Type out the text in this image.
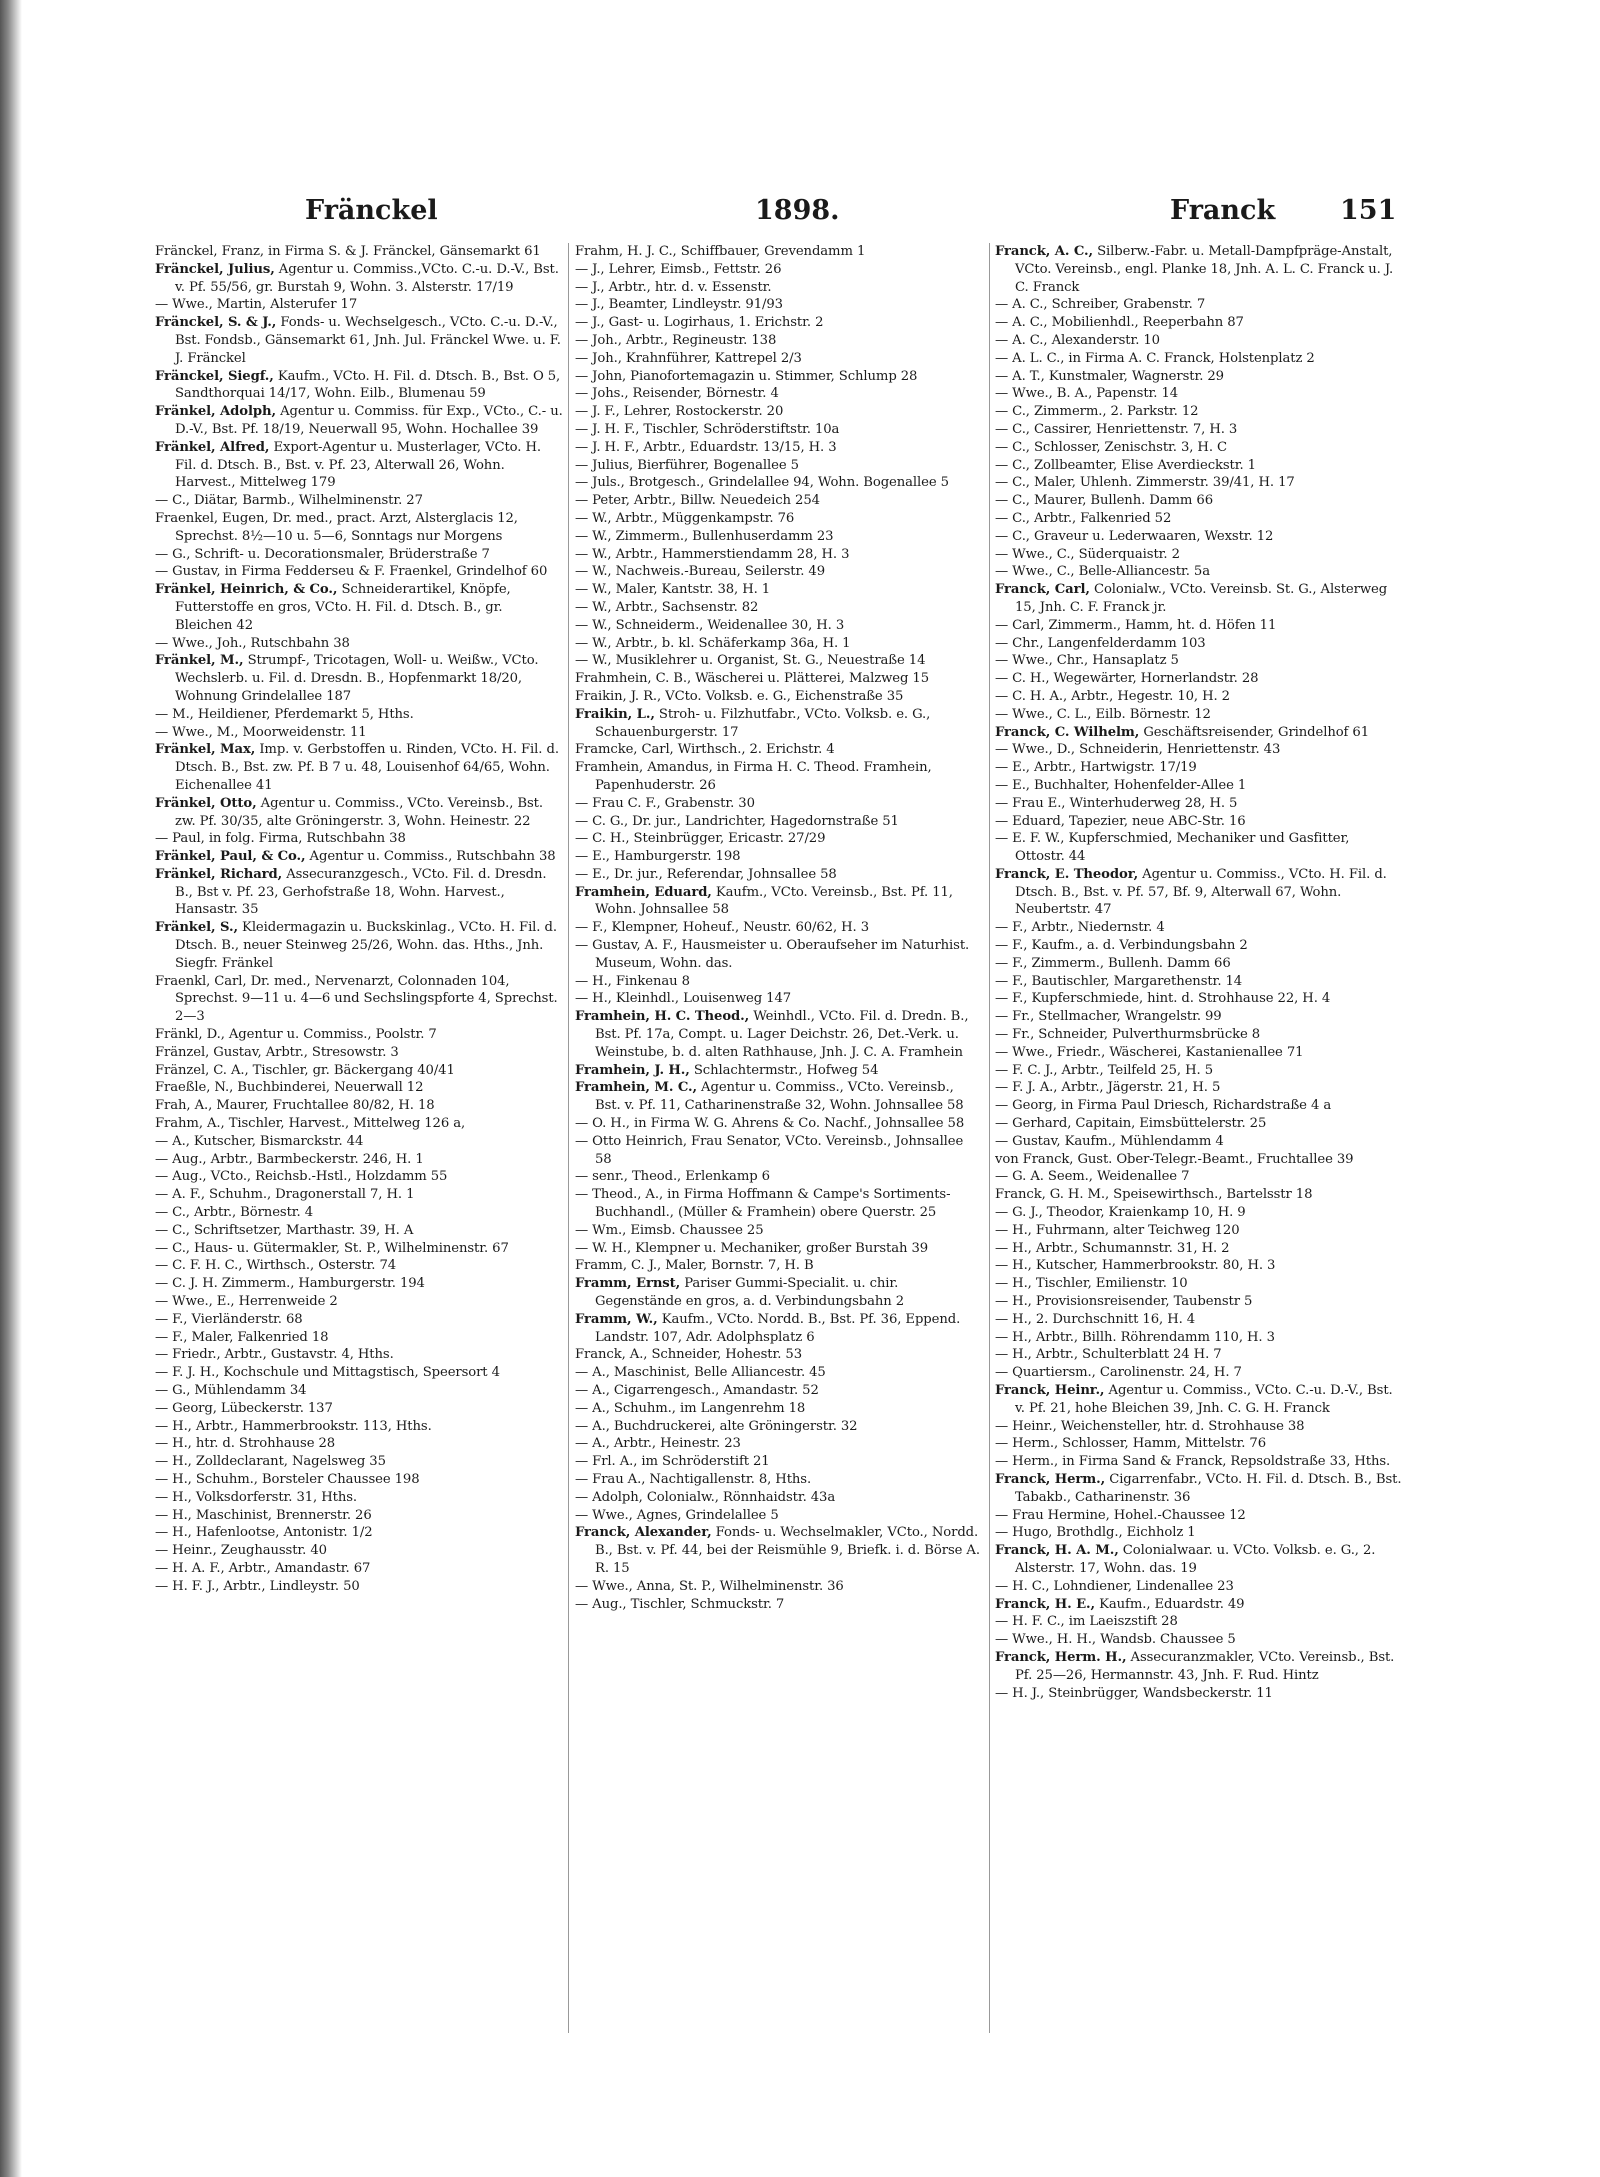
Fränckel	1898.	Franck 151
Fränckel, Franz, in Firma S. & J. Fränckel, Gänsemarkt 61
Fränckel, Julius, Agentur u. Commiss.,VCto. C.-u. D.-V., Bst. v. Pf. 55/56, gr. Burstah 9, Wohn. 3. Alsterstr. 17/19
— Wwe., Martin, Alsterufer 17
Fränckel, S. & J., Fonds- u. Wechselgesch., VCto. C.-u. D.-V., Bst. Fondsb., Gänsemarkt 61, Jnh. Jul. Fränckel Wwe. u. F. J. Fränckel
Fränckel, Siegf., Kaufm., VCto. H. Fil. d. Dtsch. B., Bst. O 5, Sandthorquai 14/17, Wohn. Eilb., Blumenau 59
Fränkel, Adolph, Agentur u. Commiss. für Exp., VCto., C.- u. D.-V., Bst. Pf. 18/19, Neuerwall 95, Wohn. Hochallee 39
Fränkel, Alfred, Export-Agentur u. Musterlager, VCto. H. Fil. d. Dtsch. B., Bst. v. Pf. 23, Alterwall 26, Wohn. Harvest., Mittelweg 179
— C., Diätar, Barmb., Wilhelminenstr. 27
Fraenkel, Eugen, Dr. med., pract. Arzt, Alsterglacis 12, Sprechst. 8½—10 u. 5—6, Sonntags nur Morgens
— G., Schrift- u. Decorationsmaler, Brüderstraße 7
— Gustav, in Firma Fedderseu & F. Fraenkel, Grindelhof 60
Fränkel, Heinrich, & Co., Schneiderartikel, Knöpfe, Futterstoffe en gros, VCto. H. Fil. d. Dtsch. B., gr. Bleichen 42
— Wwe., Joh., Rutschbahn 38
Fränkel, M., Strumpf-, Tricotagen, Woll- u. Weißw., VCto. Wechslerb. u. Fil. d. Dresdn. B., Hopfenmarkt 18/20, Wohnung Grindelallee 187
— M., Heildiener, Pferdemarkt 5, Hths.
— Wwe., M., Moorweidenstr. 11
Fränkel, Max, Imp. v. Gerbstoffen u. Rinden, VCto. H. Fil. d. Dtsch. B., Bst. zw. Pf. B 7 u. 48, Louisenhof 64/65, Wohn. Eichenallee 41
Fränkel, Otto, Agentur u. Commiss., VCto. Vereinsb., Bst. zw. Pf. 30/35, alte Gröningerstr. 3, Wohn. Heinestr. 22
— Paul, in folg. Firma, Rutschbahn 38
Fränkel, Paul, & Co., Agentur u. Commiss., Rutschbahn 38
Fränkel, Richard, Assecuranzgesch., VCto. Fil. d. Dresdn. B., Bst v. Pf. 23, Gerhofstraße 18, Wohn. Harvest., Hansastr. 35
Fränkel, S., Kleidermagazin u. Buckskinlag., VCto. H. Fil. d. Dtsch. B., neuer Steinweg 25/26, Wohn. das. Hths., Jnh. Siegfr. Fränkel
Fraenkl, Carl, Dr. med., Nervenarzt, Colonnaden 104, Sprechst. 9—11 u. 4—6 und Sechslingspforte 4, Sprechst. 2—3
Fränkl, D., Agentur u. Commiss., Poolstr. 7
Fränzel, Gustav, Arbtr., Stresowstr. 3
Fränzel, C. A., Tischler, gr. Bäckergang 40/41
Fraeßle, N., Buchbinderei, Neuerwall 12
Frah, A., Maurer, Fruchtallee 80/82, H. 18
Frahm, A., Tischler, Harvest., Mittelweg 126 a,
— A., Kutscher, Bismarckstr. 44
— Aug., Arbtr., Barmbeckerstr. 246, H. 1
— Aug., VCto., Reichsb.-Hstl., Holzdamm 55
— A. F., Schuhm., Dragonerstall 7, H. 1
— C., Arbtr., Börnestr. 4
— C., Schriftsetzer, Marthastr. 39, H. A
— C., Haus- u. Gütermakler, St. P., Wilhelminenstr. 67
— C. F. H. C., Wirthsch., Osterstr. 74
— C. J. H. Zimmerm., Hamburgerstr. 194
— Wwe., E., Herrenweide 2
— F., Vierländerstr. 68
— F., Maler, Falkenried 18
— Friedr., Arbtr., Gustavstr. 4, Hths.
— F. J. H., Kochschule und Mittagstisch, Speersort 4
— G., Mühlendamm 34
— Georg, Lübeckerstr. 137
— H., Arbtr., Hammerbrookstr. 113, Hths.
— H., htr. d. Strohhause 28
— H., Zolldeclarant, Nagelsweg 35
— H., Schuhm., Borsteler Chaussee 198
— H., Volksdorferstr. 31, Hths.
— H., Maschinist, Brennerstr. 26
— H., Hafenlootse, Antonistr. 1/2
— Heinr., Zeughausstr. 40
— H. A. F., Arbtr., Amandastr. 67
— H. F. J., Arbtr., Lindleystr. 50
Frahm, H. J. C., Schiffbauer, Grevendamm 1
— J., Lehrer, Eimsb., Fettstr. 26
— J., Arbtr., htr. d. v. Essenstr.
— J., Beamter, Lindleystr. 91/93
— J., Gast- u. Logirhaus, 1. Erichstr. 2
— Joh., Arbtr., Regineustr. 138
— Joh., Krahnführer, Kattrepel 2/3
— John, Pianofortemagazin u. Stimmer, Schlump 28
— Johs., Reisender, Börnestr. 4
— J. F., Lehrer, Rostockerstr. 20
— J. H. F., Tischler, Schröderstiftstr. 10a
— J. H. F., Arbtr., Eduardstr. 13/15, H. 3
— Julius, Bierführer, Bogenallee 5
— Juls., Brotgesch., Grindelallee 94, Wohn. Bogenallee 5
— Peter, Arbtr., Billw. Neuedeich 254
— W., Arbtr., Müggenkampstr. 76
— W., Zimmerm., Bullenhuserdamm 23
— W., Arbtr., Hammerstiendamm 28, H. 3
— W., Nachweis.-Bureau, Seilerstr. 49
— W., Maler, Kantstr. 38, H. 1
— W., Arbtr., Sachsenstr. 82
— W., Schneiderm., Weidenallee 30, H. 3
— W., Arbtr., b. kl. Schäferkamp 36a, H. 1
— W., Musiklehrer u. Organist, St. G., Neuestraße 14
Frahmhein, C. B., Wäscherei u. Plätterei, Malzweg 15
Fraikin, J. R., VCto. Volksb. e. G., Eichenstraße 35
Fraikin, L., Stroh- u. Filzhutfabr., VCto. Volksb. e. G., Schauenburgerstr. 17
Framcke, Carl, Wirthsch., 2. Erichstr. 4
Framhein, Amandus, in Firma H. C. Theod. Framhein, Papenhuderstr. 26
— Frau C. F., Grabenstr. 30
— C. G., Dr. jur., Landrichter, Hagedornstraße 51
— C. H., Steinbrügger, Ericastr. 27/29
— E., Hamburgerstr. 198
— E., Dr. jur., Referendar, Johnsallee 58
Framhein, Eduard, Kaufm., VCto. Vereinsb., Bst. Pf. 11, Wohn. Johnsallee 58
— F., Klempner, Hoheuf., Neustr. 60/62, H. 3
— Gustav, A. F., Hausmeister u. Oberaufseher im Naturhist. Museum, Wohn. das.
— H., Finkenau 8
— H., Kleinhdl., Louisenweg 147
Framhein, H. C. Theod., Weinhdl., VCto. Fil. d. Dredn. B., Bst. Pf. 17a, Compt. u. Lager Deichstr. 26, Det.-Verk. u. Weinstube, b. d. alten Rathhause, Jnh. J. C. A. Framhein
Framhein, J. H., Schlachtermstr., Hofweg 54
Framhein, M. C., Agentur u. Commiss., VCto. Vereinsb., Bst. v. Pf. 11, Catharinenstraße 32, Wohn. Johnsallee 58
— O. H., in Firma W. G. Ahrens & Co. Nachf., Johnsallee 58
— Otto Heinrich, Frau Senator, VCto. Vereinsb., Johnsallee 58
— senr., Theod., Erlenkamp 6
— Theod., A., in Firma Hoffmann & Campe's Sortiments-Buchhandl., (Müller & Framhein) obere Querstr. 25
— Wm., Eimsb. Chaussee 25
— W. H., Klempner u. Mechaniker, großer Burstah 39
Framm, C. J., Maler, Bornstr. 7, H. B
Framm, Ernst, Pariser Gummi-Specialit. u. chir. Gegenstände en gros, a. d. Verbindungsbahn 2
Framm, W., Kaufm., VCto. Nordd. B., Bst. Pf. 36, Eppend. Landstr. 107, Adr. Adolphsplatz 6
Franck, A., Schneider, Hohestr. 53
— A., Maschinist, Belle Alliancestr. 45
— A., Cigarrengesch., Amandastr. 52
— A., Schuhm., im Langenrehm 18
— A., Buchdruckerei, alte Gröningerstr. 32
— A., Arbtr., Heinestr. 23
— Frl. A., im Schröderstift 21
— Frau A., Nachtigallenstr. 8, Hths.
— Adolph, Colonialw., Rönnhaidstr. 43a
— Wwe., Agnes, Grindelallee 5
Franck, Alexander, Fonds- u. Wechselmakler, VCto., Nordd. B., Bst. v. Pf. 44, bei der Reismühle 9, Briefk. i. d. Börse A. R. 15
— Wwe., Anna, St. P., Wilhelminenstr. 36
— Aug., Tischler, Schmuckstr. 7
Franck, A. C., Silberw.-Fabr. u. Metall-Dampfpräge-Anstalt, VCto. Vereinsb., engl. Planke 18, Jnh. A. L. C. Franck u. J. C. Franck
— A. C., Schreiber, Grabenstr. 7
— A. C., Mobilienhdl., Reeperbahn 87
— A. C., Alexanderstr. 10
— A. L. C., in Firma A. C. Franck, Holstenplatz 2
— A. T., Kunstmaler, Wagnerstr. 29
— Wwe., B. A., Papenstr. 14
— C., Zimmerm., 2. Parkstr. 12
— C., Cassirer, Henriettenstr. 7, H. 3
— C., Schlosser, Zenischstr. 3, H. C
— C., Zollbeamter, Elise Averdieckstr. 1
— C., Maler, Uhlenh. Zimmerstr. 39/41, H. 17
— C., Maurer, Bullenh. Damm 66
— C., Arbtr., Falkenried 52
— C., Graveur u. Lederwaaren, Wexstr. 12
— Wwe., C., Süderquaistr. 2
— Wwe., C., Belle-Alliancestr. 5a
Franck, Carl, Colonialw., VCto. Vereinsb. St. G., Alsterweg 15, Jnh. C. F. Franck jr.
— Carl, Zimmerm., Hamm, ht. d. Höfen 11
— Chr., Langenfelderdamm 103
— Wwe., Chr., Hansaplatz 5
— C. H., Wegewärter, Hornerlandstr. 28
— C. H. A., Arbtr., Hegestr. 10, H. 2
— Wwe., C. L., Eilb. Börnestr. 12
Franck, C. Wilhelm, Geschäftsreisender, Grindelhof 61
— Wwe., D., Schneiderin, Henriettenstr. 43
— E., Arbtr., Hartwigstr. 17/19
— E., Buchhalter, Hohenfelder-Allee 1
— Frau E., Winterhuderweg 28, H. 5
— Eduard, Tapezier, neue ABC-Str. 16
— E. F. W., Kupferschmied, Mechaniker und Gasfitter, Ottostr. 44
Franck, E. Theodor, Agentur u. Commiss., VCto. H. Fil. d. Dtsch. B., Bst. v. Pf. 57, Bf. 9, Alterwall 67, Wohn. Neubertstr. 47
— F., Arbtr., Niedernstr. 4
— F., Kaufm., a. d. Verbindungsbahn 2
— F., Zimmerm., Bullenh. Damm 66
— F., Bautischler, Margarethenstr. 14
— F., Kupferschmiede, hint. d. Strohhause 22, H. 4
— Fr., Stellmacher, Wrangelstr. 99
— Fr., Schneider, Pulverthurmsbrücke 8
— Wwe., Friedr., Wäscherei, Kastanienallee 71
— F. C. J., Arbtr., Teilfeld 25, H. 5
— F. J. A., Arbtr., Jägerstr. 21, H. 5
— Georg, in Firma Paul Driesch, Richardstraße 4 a
— Gerhard, Capitain, Eimsbüttelerstr. 25
— Gustav, Kaufm., Mühlendamm 4
von Franck, Gust. Ober-Telegr.-Beamt., Fruchtallee 39
— G. A. Seem., Weidenallee 7
Franck, G. H. M., Speisewirthsch., Bartelsstr 18
— G. J., Theodor, Kraienkamp 10, H. 9
— H., Fuhrmann, alter Teichweg 120
— H., Arbtr., Schumannstr. 31, H. 2
— H., Kutscher, Hammerbrookstr. 80, H. 3
— H., Tischler, Emilienstr. 10
— H., Provisionsreisender, Taubenstr 5
— H., 2. Durchschnitt 16, H. 4
— H., Arbtr., Billh. Röhrendamm 110, H. 3
— H., Arbtr., Schulterblatt 24 H. 7
— Quartiersm., Carolinenstr. 24, H. 7
Franck, Heinr., Agentur u. Commiss., VCto. C.-u. D.-V., Bst. v. Pf. 21, hohe Bleichen 39, Jnh. C. G. H. Franck
— Heinr., Weichensteller, htr. d. Strohhause 38
— Herm., Schlosser, Hamm, Mittelstr. 76
— Herm., in Firma Sand & Franck, Repsoldstraße 33, Hths.
Franck, Herm., Cigarrenfabr., VCto. H. Fil. d. Dtsch. B., Bst. Tabakb., Catharinenstr. 36
— Frau Hermine, Hohel.-Chaussee 12
— Hugo, Brothdlg., Eichholz 1
Franck, H. A. M., Colonialwaar. u. VCto. Volksb. e. G., 2. Alsterstr. 17, Wohn. das. 19
— H. C., Lohndiener, Lindenallee 23
Franck, H. E., Kaufm., Eduardstr. 49
— H. F. C., im Laeiszstift 28
— Wwe., H. H., Wandsb. Chaussee 5
Franck, Herm. H., Assecuranzmakler, VCto. Vereinsb., Bst. Pf. 25—26, Hermannstr. 43, Jnh. F. Rud. Hintz
— H. J., Steinbrügger, Wandsbeckerstr. 11
